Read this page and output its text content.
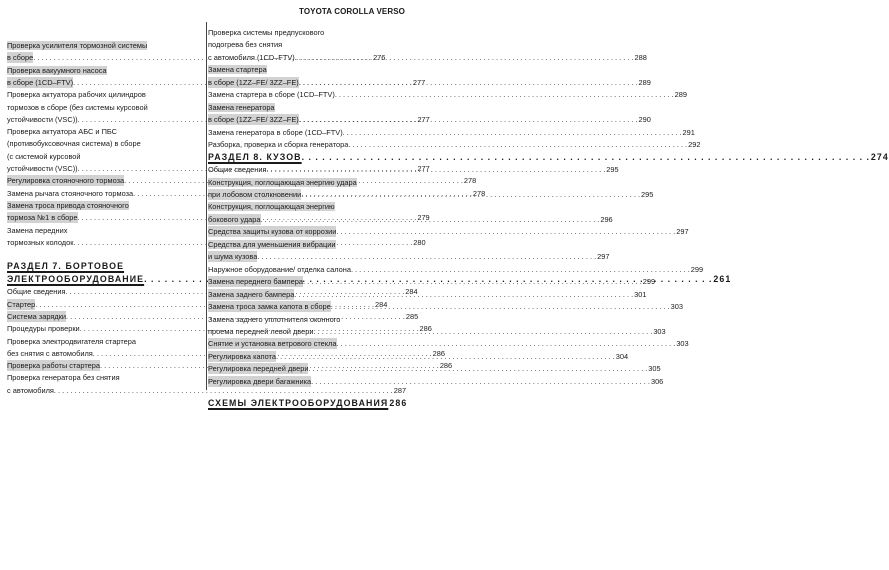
TOYOTA COROLLA VERSO
Проверка усилителя тормозной системы
в сборе . . .	276
Проверка вакуумного насоса
в сборе (1CD–FTV) . . .	277
Проверка актуатора рабочих цилиндров
тормозов в сборе (без системы курсовой
устойчивости (VSC)) . . .	277
Проверка актуатора АБС и ПБС
(противобуксовочная система) в сборе
(с системой курсовой
устойчивости (VSC)) . . .	277
Регулировка стояночного тормоза . . .	278
Замена рычага стояночного тормоза . . .	278
Замена троса привода стояночного
тормоза №1 в сборе . . .	279
Замена передних
тормозных колодок . . .	280
РАЗДЕЛ 7. БОРТОВОЕ
ЭЛЕКТРООБОРУДОВАНИЕ . . .	261
Общие сведения . . .	284
Стартер . . .	284
Система зарядки . . .	285
Процедуры проверки . . .	286
Проверка электродвигателя стартера
без снятия с автомобиля . . .	286
Проверка работы стартера . . .	286
Проверка генератора без снятия
с автомобиля . . .	287
Проверка системы предпускового
подогрева без снятия
с автомобиля (1CD–FTV) . . .	288
Замена стартера
в сборе (1ZZ–FE/ 3ZZ–FE) . . .	289
Замена стартера в сборе (1CD–FTV) . . .	289
Замена генератора
в сборе (1ZZ–FE/ 3ZZ–FE) . . .	290
Замена генератора в сборе (1CD–FTV) . . .	291
Разборка, проверка и сборка генератора . . .	292
РАЗДЕЛ 8. КУЗОВ . . .	274
Общие сведения . . .	295
Конструкция, поглощающая энергию удара
при лобовом столкновении . . .	295
Конструкция, поглощающая энергию
бокового удара . . .	296
Средства защиты кузова от коррозии . . .	297
Средства для уменьшения вибрации
и шума кузова . . .	297
Наружное оборудование/ отделка салона . . .	299
Замена переднего бампера . . .	299
Замена заднего бампера . . .	301
Замена троса замка капота в сборе . . .	303
Замена заднего уплотнителя оконного
проема передней левой двери . . .	303
Снятие и установка ветрового стекла . . .	303
Регулировка капота . . .	304
Регулировка передней двери . . .	305
Регулировка двери багажника . . .	306
СХЕМЫ ЭЛЕКТРООБОРУДОВАНИЯ 286
